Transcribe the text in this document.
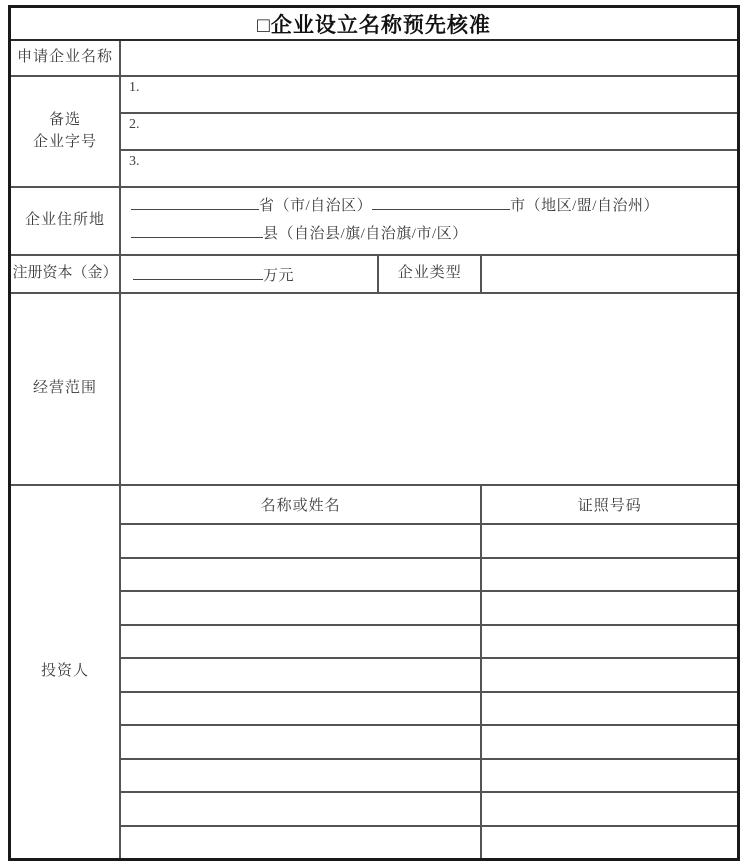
□企业设立名称预先核准			
申请企业名称			
备选
企业字号	1.		
	2.		
	3.		
企业住所地	省（市/自治区） 市（地区/盟/自治州）
县（自治县/旗/自治旗/市/区）		
注册资本（金）	万元	企业类型	
经营范围			
投资人	名称或姓名		证照号码
